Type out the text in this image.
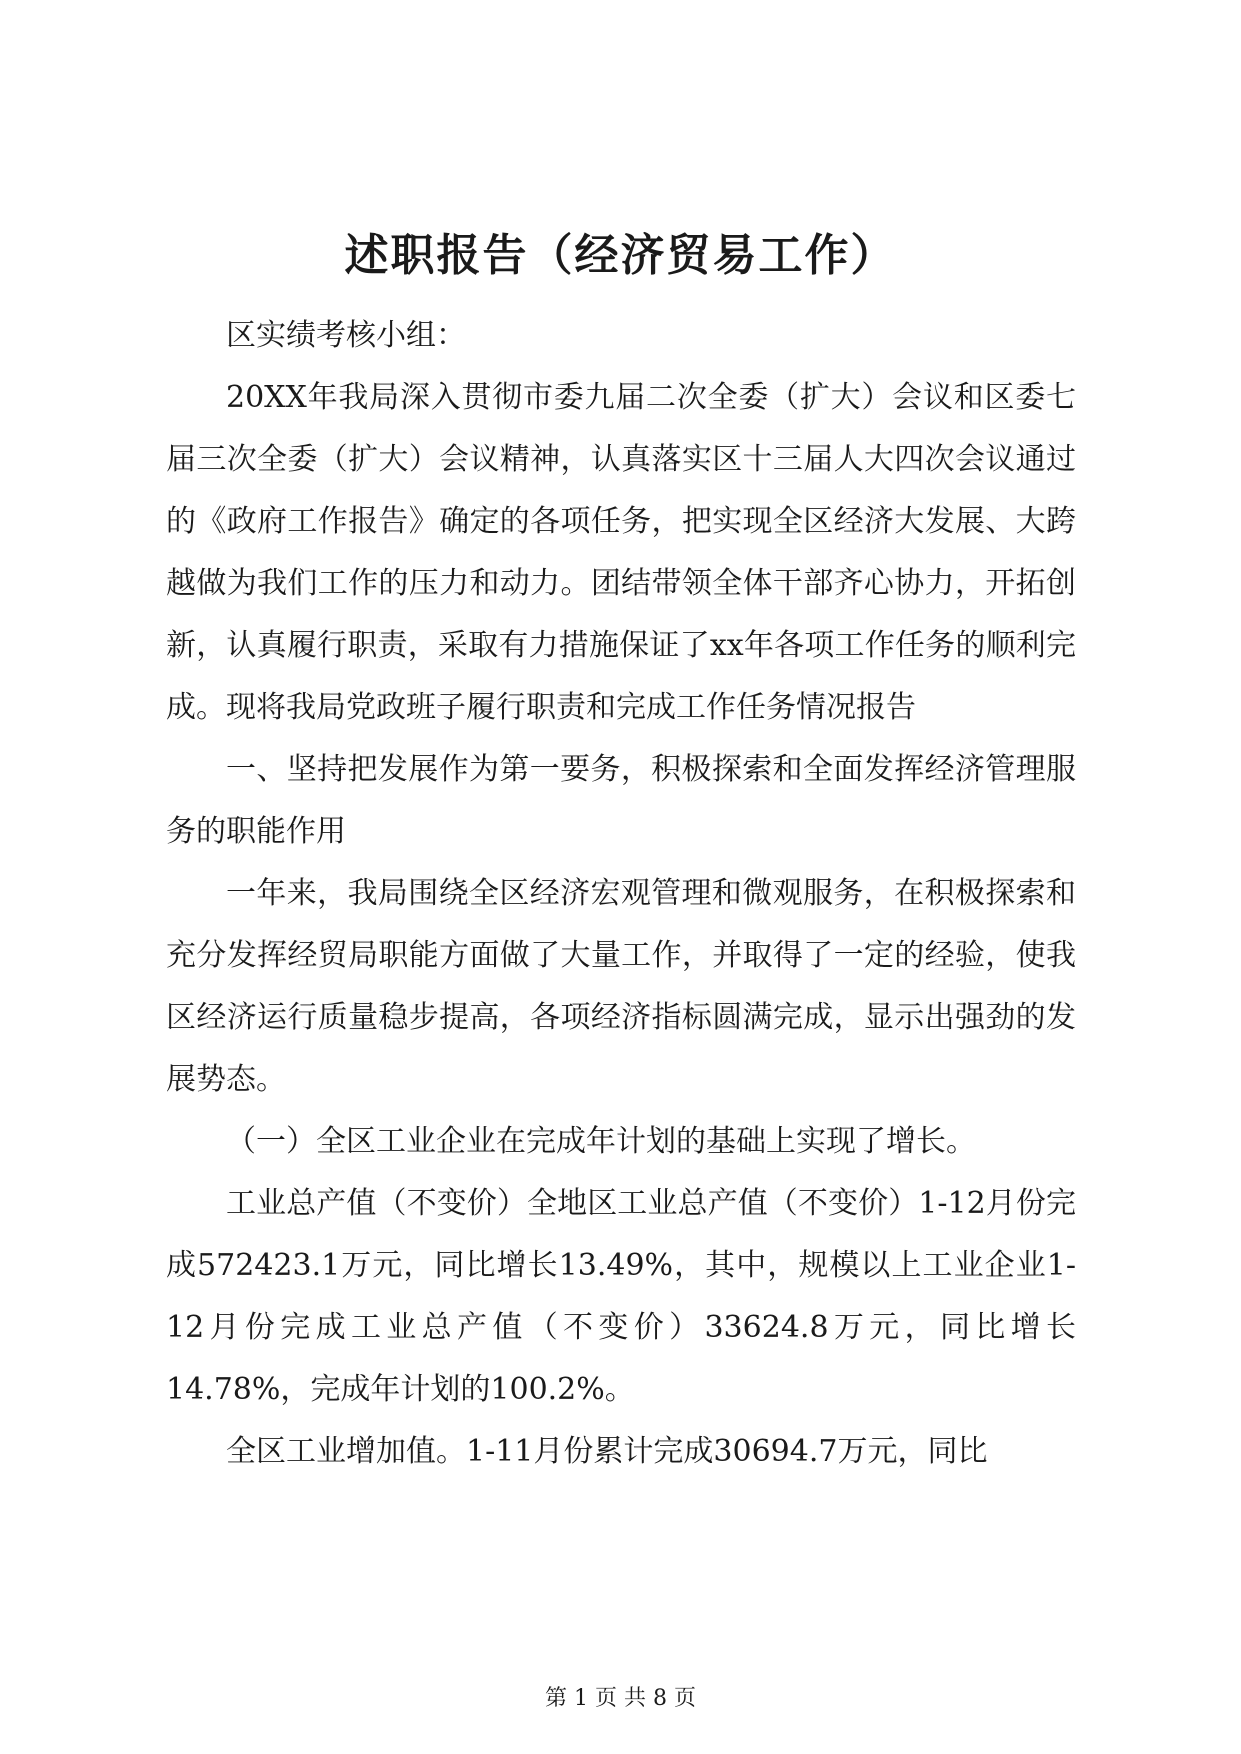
述职报告（经济贸易工作）

区实绩考核小组：

20XX年我局深入贯彻市委九届二次全委（扩大）会议和区委七届三次全委（扩大）会议精神，认真落实区十三届人大四次会议通过的《政府工作报告》确定的各项任务，把实现全区经济大发展、大跨越做为我们工作的压力和动力。团结带领全体干部齐心协力，开拓创新，认真履行职责，采取有力措施保证了xx年各项工作任务的顺利完成。现将我局党政班子履行职责和完成工作任务情况报告

一、坚持把发展作为第一要务，积极探索和全面发挥经济管理服务的职能作用

一年来，我局围绕全区经济宏观管理和微观服务，在积极探索和充分发挥经贸局职能方面做了大量工作，并取得了一定的经验，使我区经济运行质量稳步提高，各项经济指标圆满完成，显示出强劲的发展势态。

（一）全区工业企业在完成年计划的基础上实现了增长。

工业总产值（不变价）全地区工业总产值（不变价）1-12月份完成572423.1万元，同比增长13.49%，其中，规模以上工业企业1-12月份完成工业总产值（不变价）33624.8万元，同比增长14.78%，完成年计划的100.2%。

全区工业增加值。1-11月份累计完成30694.7万元，同比

第 1 页 共 8 页
